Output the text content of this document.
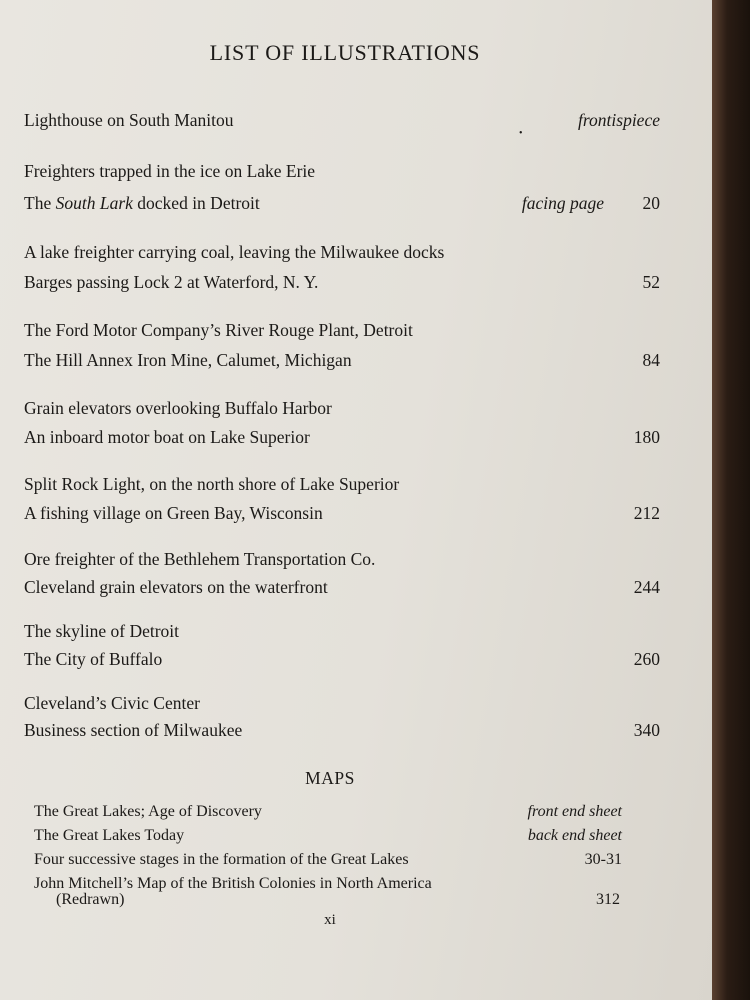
LIST OF ILLUSTRATIONS
Lighthouse on South Manitou	frontispiece
•
Freighters trapped in the ice on Lake Erie
The South Lark docked in Detroit	facing page 20
A lake freighter carrying coal, leaving the Milwaukee docks
Barges passing Lock 2 at Waterford, N. Y.	52
The Ford Motor Company’s River Rouge Plant, Detroit
The Hill Annex Iron Mine, Calumet, Michigan	84
Grain elevators overlooking Buffalo Harbor
An inboard motor boat on Lake Superior	180
Split Rock Light, on the north shore of Lake Superior
A fishing village on Green Bay, Wisconsin	212
Ore freighter of the Bethlehem Transportation Co.
Cleveland grain elevators on the waterfront	244
The skyline of Detroit
The City of Buffalo	260
Cleveland’s Civic Center
Business section of Milwaukee	340
MAPS
The Great Lakes; Age of Discovery	front end sheet
The Great Lakes Today	back end sheet
Four successive stages in the formation of the Great Lakes	30-31
John Mitchell’s Map of the British Colonies in North America
(Redrawn)	312
xi
